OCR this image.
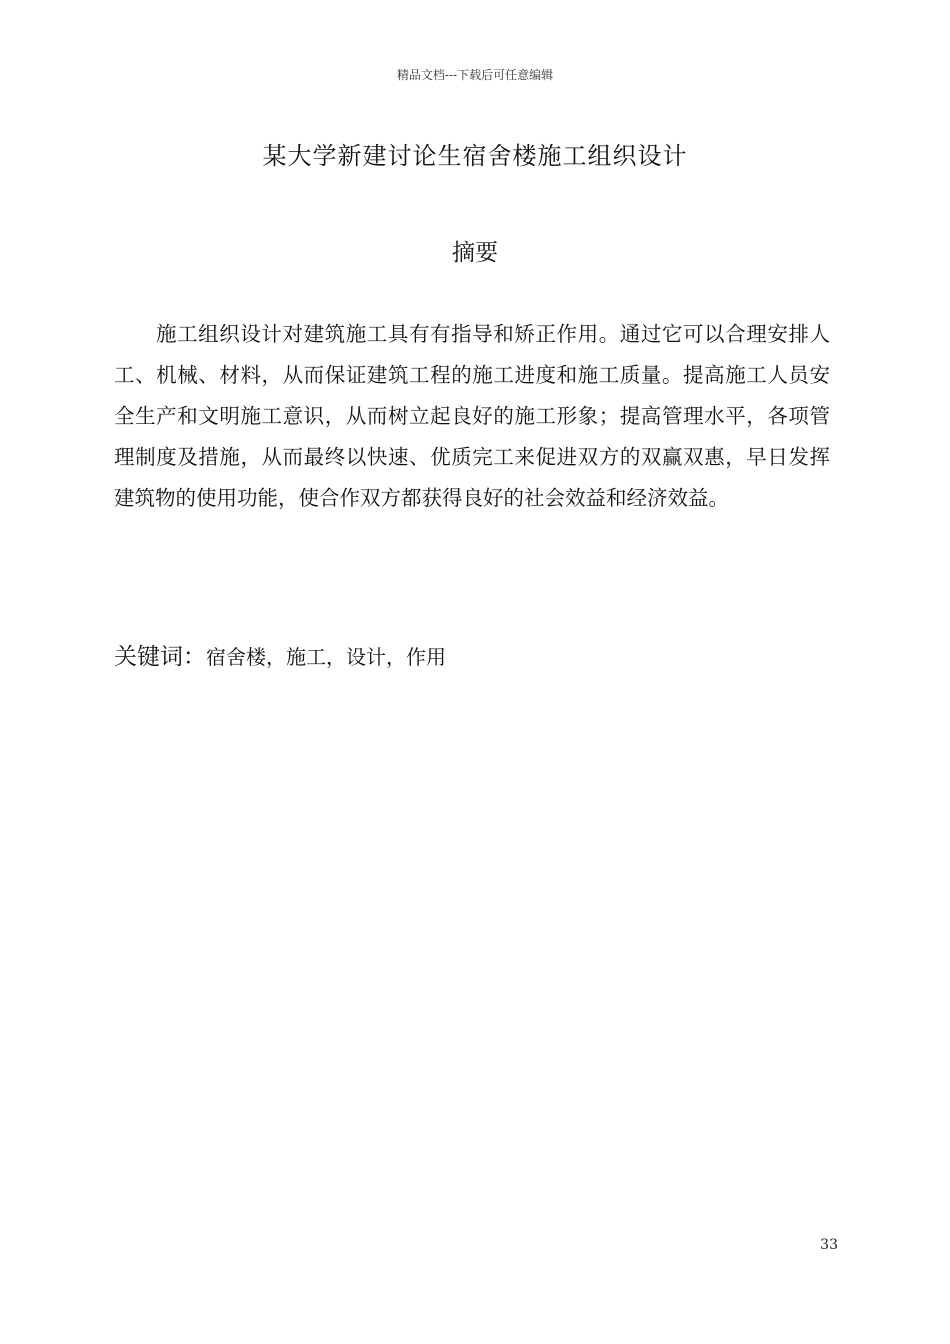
精品文档---下载后可任意编辑
某大学新建讨论生宿舍楼施工组织设计
摘要

施工组织设计对建筑施工具有有指导和矫正作用。通过它可以合理安排人工、机械、材料，从而保证建筑工程的施工进度和施工质量。提高施工人员安全生产和文明施工意识，从而树立起良好的施工形象；提高管理水平，各项管理制度及措施，从而最终以快速、优质完工来促进双方的双赢双惠，早日发挥建筑物的使用功能，使合作双方都获得良好的社会效益和经济效益。

关键词：宿舍楼，施工，设计，作用
33
